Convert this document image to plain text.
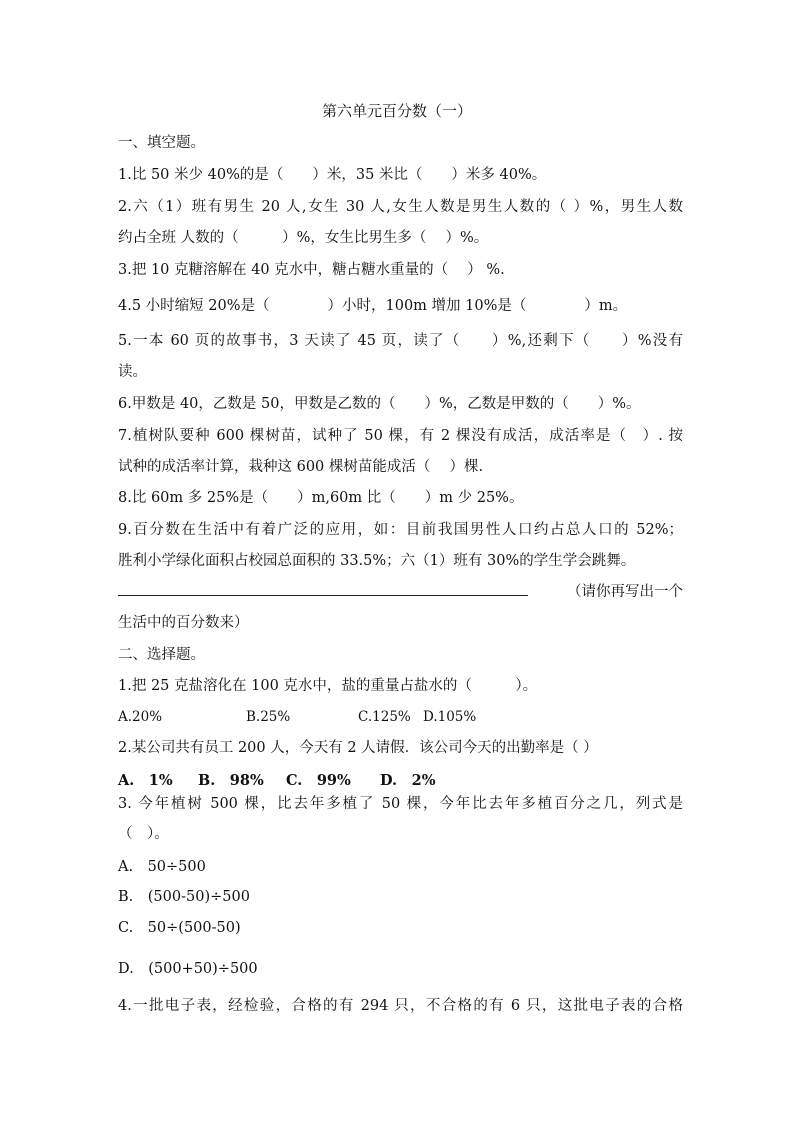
第六单元百分数（一）
一、填空题。
1.比 50 米少 40%的是（　　）米，35 米比（　　）米多 40%。
2.六（1）班有男生 20 人,女生 30 人,女生人数是男生人数的（ ）%，男生人数
约占全班 人数的（　　　）%，女生比男生多（　 ）%。
3.把 10 克糖溶解在 40 克水中，糖占糖水重量的（　 ） %.
4.5 小时缩短 20%是（　　　　）小时，100m 增加 10%是（　　　　）m。
5.一本 60 页的故事书，3 天读了 45 页，读了（　　）%,还剩下（　　）%没有
读。
6.甲数是 40，乙数是 50，甲数是乙数的（　　）%，乙数是甲数的（　　）%。
7.植树队要种 600 棵树苗，试种了 50 棵，有 2 棵没有成活，成活率是（　）. 按
试种的成活率计算，栽种这 600 棵树苗能成活（　 ）棵.
8.比 60m 多 25%是（　　）m,60m 比（　　）m 少 25%。
9.百分数在生活中有着广泛的应用，如：目前我国男性人口约占总人口的 52%；
胜利小学绿化面积占校园总面积的 33.5%；六（1）班有 30%的学生学会跳舞。
（请你再写出一个
生活中的百分数来）
二、选择题。
1.把 25 克盐溶化在 100 克水中，盐的重量占盐水的（　　　）。
A.20%	B.25%	C.125% D.105%
2.某公司共有员工 200 人，今天有 2 人请假．该公司今天的出勤率是（ ）
A.　1% B.　98% C.　99% D.　2%
3. 今年植树 500 棵，比去年多植了 50 棵，今年比去年多植百分之几，列式是
（　）。
A.　50÷500
B.　(500-50)÷500
C.　50÷(500-50)
D.　(500+50)÷500
4.一批电子表，经检验，合格的有 294 只，不合格的有 6 只，这批电子表的合格
